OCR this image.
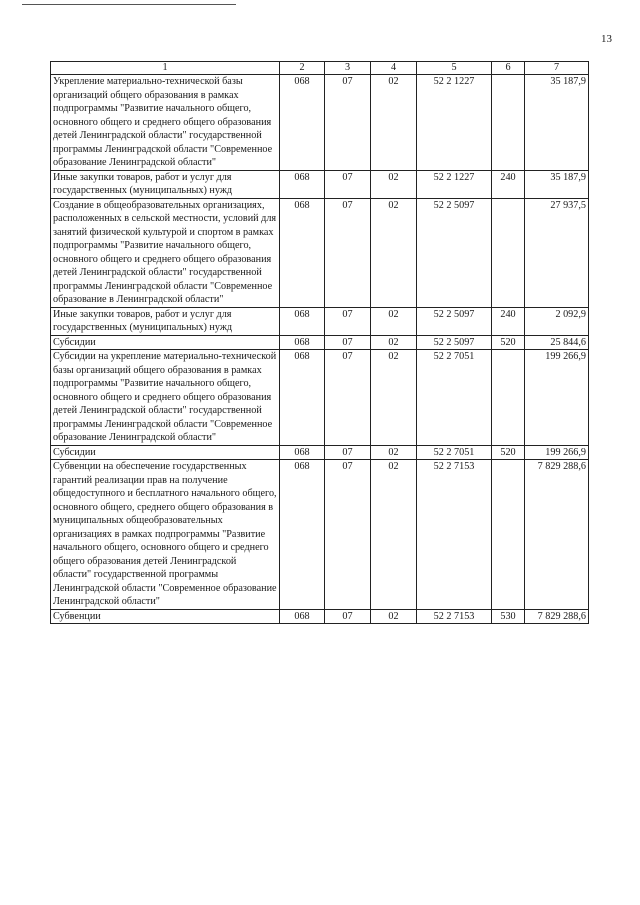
13
1	2	3	4	5	6	7
Укрепление материально-технической базы организаций общего образования в рамках подпрограммы "Развитие начального общего, основного общего и среднего общего образования детей Ленинградской области" государственной программы Ленинградской области "Современное образование Ленинградской области"	068	07	02	52 2 1227		35 187,9
Иные закупки товаров, работ и услуг для государственных (муниципальных) нужд	068	07	02	52 2 1227	240	35 187,9
Создание в общеобразовательных организациях, расположенных в сельской местности, условий для занятий физической культурой и спортом в рамках подпрограммы "Развитие начального общего, основного общего и среднего общего образования детей Ленинградской области" государственной программы Ленинградской области "Современное образование в Ленинградской области"	068	07	02	52 2 5097		27 937,5
Иные закупки товаров, работ и услуг для государственных (муниципальных) нужд	068	07	02	52 2 5097	240	2 092,9
Субсидии	068	07	02	52 2 5097	520	25 844,6
Субсидии на укрепление материально-технической базы организаций общего образования в рамках подпрограммы "Развитие начального общего, основного общего и среднего общего образования детей Ленинградской области" государственной программы Ленинградской области "Современное образование Ленинградской области"	068	07	02	52 2 7051		199 266,9
Субсидии	068	07	02	52 2 7051	520	199 266,9
Субвенции на обеспечение государственных гарантий реализации прав на получение общедоступного и бесплатного начального общего, основного общего, среднего общего образования в муниципальных общеобразовательных организациях в рамках подпрограммы "Развитие начального общего, основного общего и среднего общего образования детей Ленинградской области" государственной программы Ленинградской области "Современное образование Ленинградской области"	068	07	02	52 2 7153		7 829 288,6
Субвенции	068	07	02	52 2 7153	530	7 829 288,6
